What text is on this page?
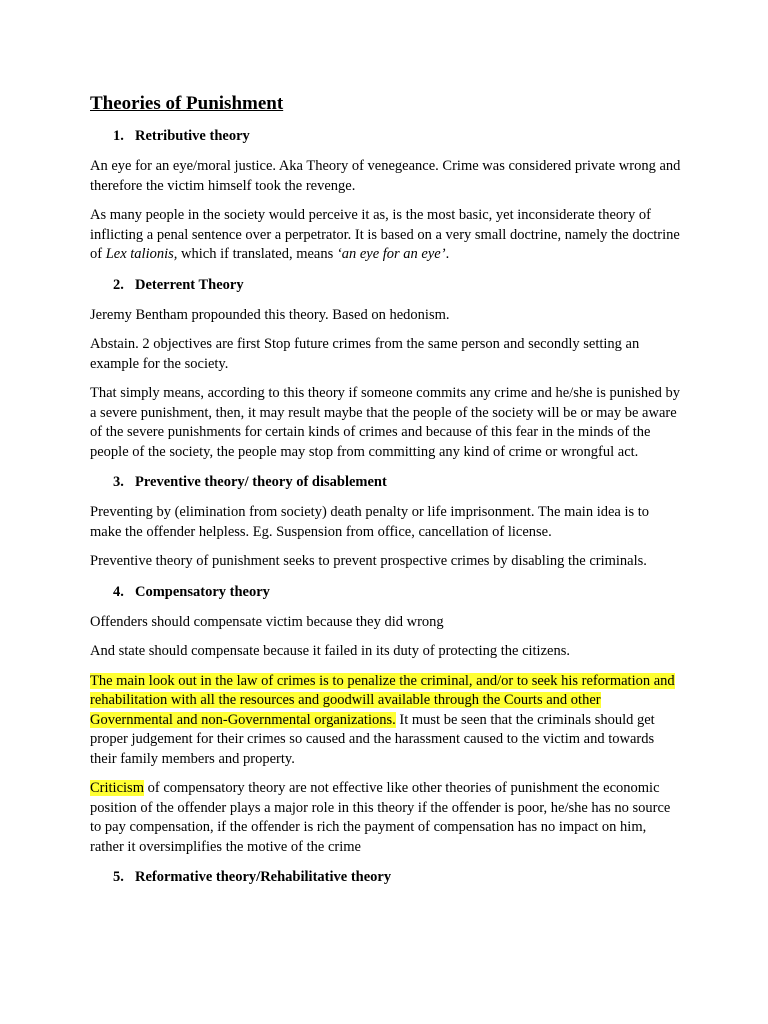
Theories of Punishment
1. Retributive theory

An eye for an eye/moral justice. Aka Theory of venegeance. Crime was considered private wrong and therefore the victim himself took the revenge.

As many people in the society would perceive it as, is the most basic, yet inconsiderate theory of inflicting a penal sentence over a perpetrator. It is based on a very small doctrine, namely the doctrine of Lex talionis, which if translated, means ‘an eye for an eye’.

2. Deterrent Theory

Jeremy Bentham propounded this theory. Based on hedonism.

Abstain. 2 objectives are first Stop future crimes from the same person and secondly setting an example for the society.

That simply means, according to this theory if someone commits any crime and he/she is punished by a severe punishment, then, it may result maybe that the people of the society will be or may be aware of the severe punishments for certain kinds of crimes and because of this fear in the minds of the people of the society, the people may stop from committing any kind of crime or wrongful act.

3. Preventive theory/ theory of disablement

Preventing by (elimination from society) death penalty or life imprisonment. The main idea is to make the offender helpless. Eg. Suspension from office, cancellation of license.

Preventive theory of punishment seeks to prevent prospective crimes by disabling the criminals.

4. Compensatory theory

Offenders should compensate victim because they did wrong

And state should compensate because it failed in its duty of protecting the citizens.

The main look out in the law of crimes is to penalize the criminal, and/or to seek his reformation and rehabilitation with all the resources and goodwill available through the Courts and other Governmental and non-Governmental organizations. It must be seen that the criminals should get proper judgement for their crimes so caused and the harassment caused to the victim and towards their family members and property.

Criticism of compensatory theory are not effective like other theories of punishment the economic position of the offender plays a major role in this theory if the offender is poor, he/she has no source to pay compensation, if the offender is rich the payment of compensation has no impact on him, rather it oversimplifies the motive of the crime

5. Reformative theory/Rehabilitative theory
